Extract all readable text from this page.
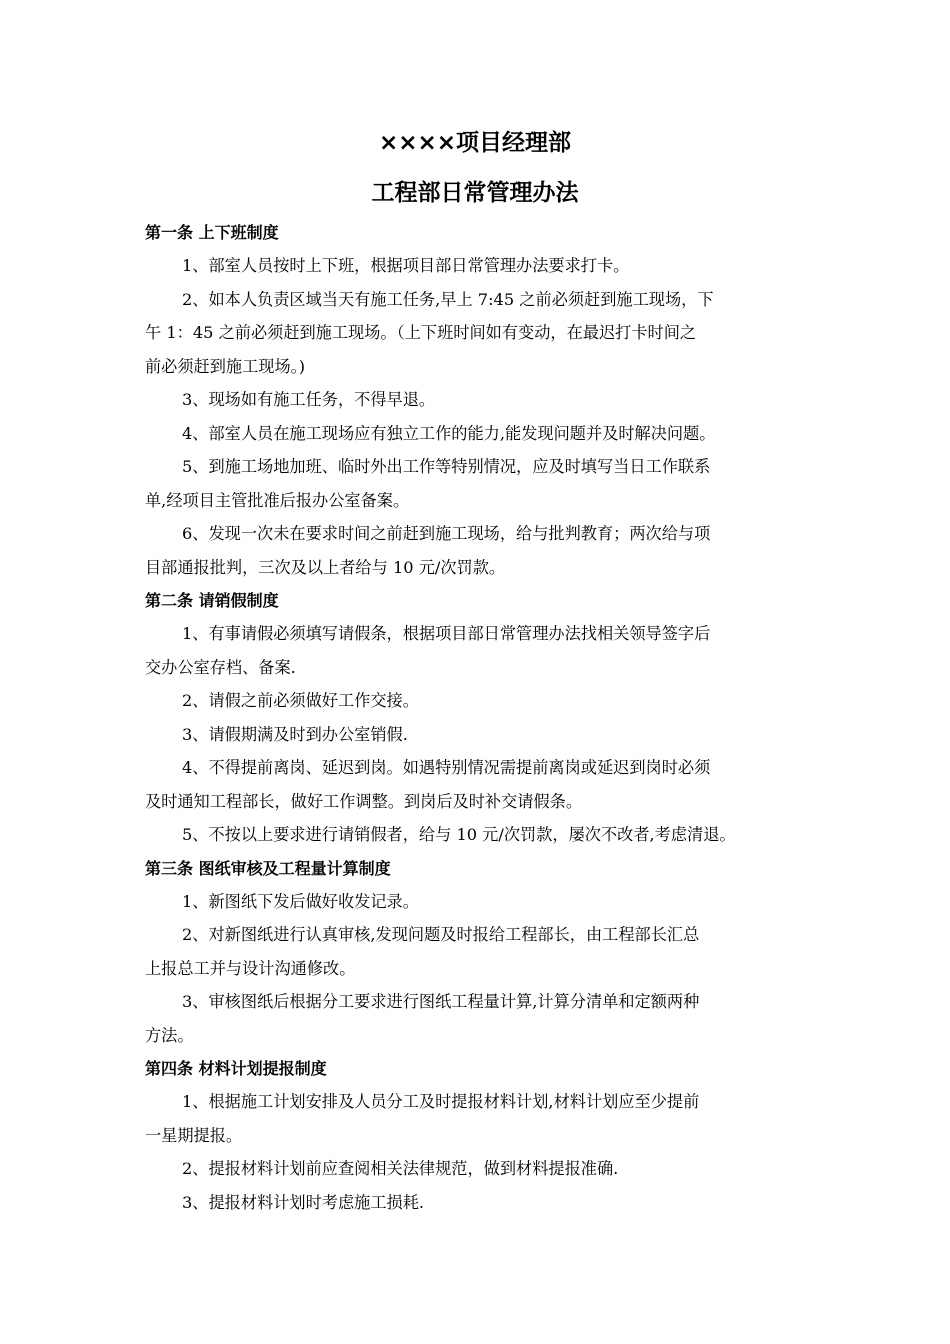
××××项目经理部
工程部日常管理办法
第一条 上下班制度
1、部室人员按时上下班，根据项目部日常管理办法要求打卡。
2、如本人负责区域当天有施工任务,早上 7:45 之前必须赶到施工现场，下
午 1：45 之前必须赶到施工现场。（上下班时间如有变动，在最迟打卡时间之
前必须赶到施工现场。)
3、现场如有施工任务，不得早退。
4、部室人员在施工现场应有独立工作的能力,能发现问题并及时解决问题。
5、到施工场地加班、临时外出工作等特别情况，应及时填写当日工作联系
单,经项目主管批准后报办公室备案。
6、发现一次未在要求时间之前赶到施工现场，给与批判教育；两次给与项
目部通报批判，三次及以上者给与 10 元/次罚款。
第二条 请销假制度
1、有事请假必须填写请假条，根据项目部日常管理办法找相关领导签字后
交办公室存档、备案.
2、请假之前必须做好工作交接。
3、请假期满及时到办公室销假.
4、不得提前离岗、延迟到岗。如遇特别情况需提前离岗或延迟到岗时必须
及时通知工程部长，做好工作调整。到岗后及时补交请假条。
5、不按以上要求进行请销假者，给与 10 元/次罚款，屡次不改者,考虑清退。
第三条 图纸审核及工程量计算制度
1、新图纸下发后做好收发记录。
2、对新图纸进行认真审核,发现问题及时报给工程部长，由工程部长汇总
上报总工并与设计沟通修改。
3、审核图纸后根据分工要求进行图纸工程量计算,计算分清单和定额两种
方法。
第四条 材料计划提报制度
1、根据施工计划安排及人员分工及时提报材料计划,材料计划应至少提前
一星期提报。
2、提报材料计划前应查阅相关法律规范，做到材料提报准确.
3、提报材料计划时考虑施工损耗.
